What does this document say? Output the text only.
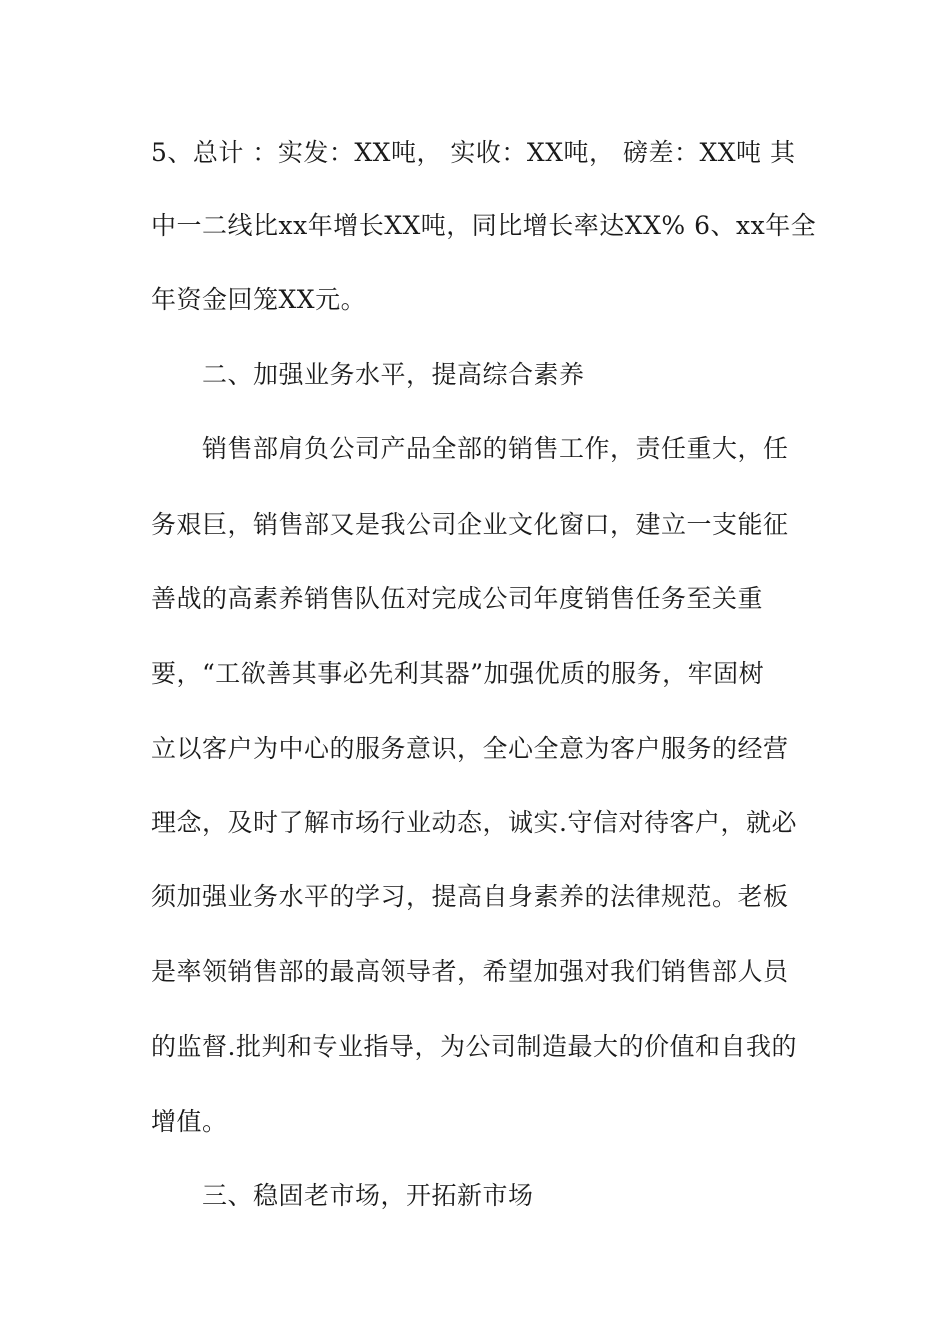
5、总计 ：实发：XX吨， 实收：XX吨， 磅差：XX吨 其
中一二线比xx年增长XX吨，同比增长率达XX% 6、xx年全
年资金回笼XX元。
二、加强业务水平，提高综合素养
销售部肩负公司产品全部的销售工作，责任重大，任
务艰巨，销售部又是我公司企业文化窗口，建立一支能征
善战的高素养销售队伍对完成公司年度销售任务至关重
要，“工欲善其事必先利其器”加强优质的服务，牢固树
立以客户为中心的服务意识，全心全意为客户服务的经营
理念，及时了解市场行业动态，诚实.守信对待客户，就必
须加强业务水平的学习，提高自身素养的法律规范。老板
是率领销售部的最高领导者，希望加强对我们销售部人员
的监督.批判和专业指导，为公司制造最大的价值和自我的
增值。
三、稳固老市场，开拓新市场
